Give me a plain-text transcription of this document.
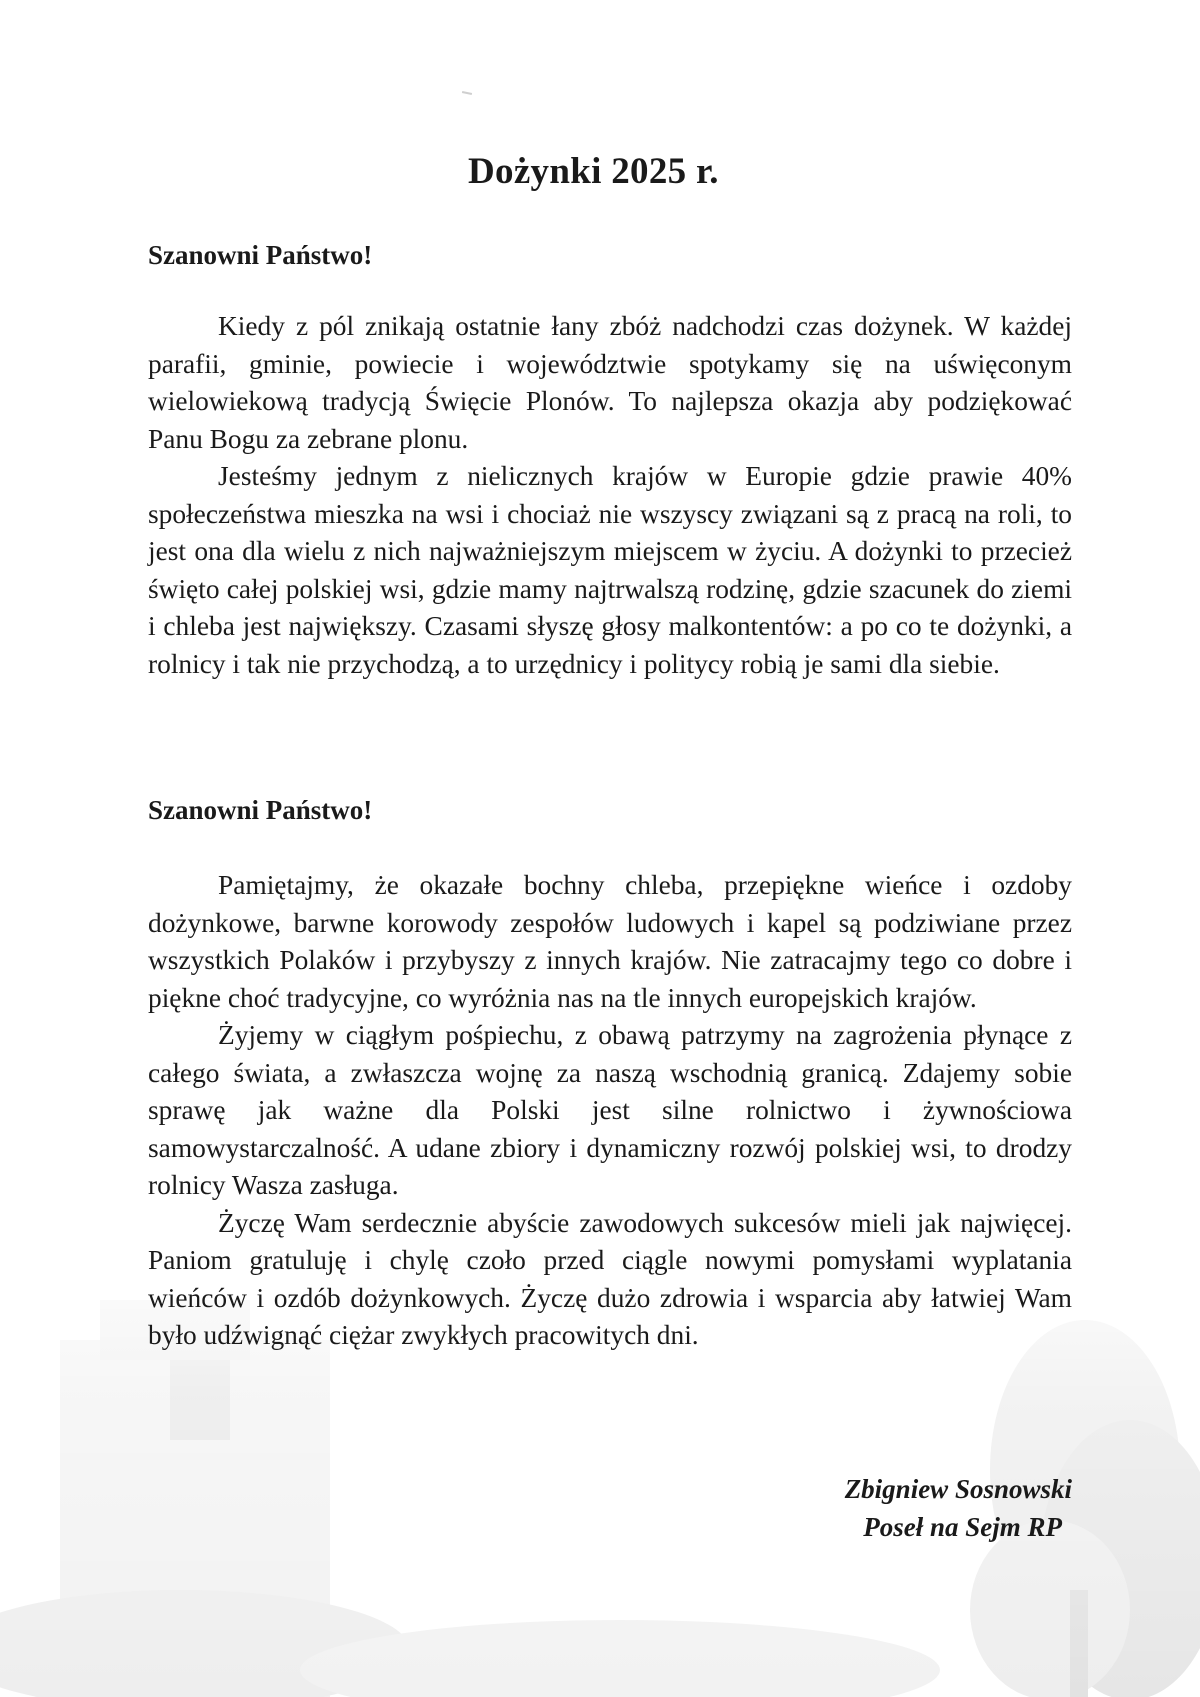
Dożynki 2025 r.

Szanowni Państwo!

Kiedy z pól znikają ostatnie łany zbóż nadchodzi czas dożynek. W każdej parafii, gminie, powiecie i województwie spotykamy się na uświęconym wielowiekową tradycją Święcie Plonów. To najlepsza okazja aby podziękować Panu Bogu za zebrane plonu.

Jesteśmy jednym z nielicznych krajów w Europie gdzie prawie 40% społeczeństwa mieszka na wsi i chociaż nie wszyscy związani są z pracą na roli, to jest ona dla wielu z nich najważniejszym miejscem w życiu. A dożynki to przecież święto całej polskiej wsi, gdzie mamy najtrwalszą rodzinę, gdzie szacunek do ziemi i chleba jest największy. Czasami słyszę głosy malkontentów: a po co te dożynki, a rolnicy i tak nie przychodzą, a to urzędnicy i politycy robią je sami dla siebie.

Szanowni Państwo!

Pamiętajmy, że okazałe bochny chleba, przepiękne wieńce i ozdoby dożynkowe, barwne korowody zespołów ludowych i kapel są podziwiane przez wszystkich Polaków i przybyszy z innych krajów. Nie zatracajmy tego co dobre i piękne choć tradycyjne, co wyróżnia nas na tle innych europejskich krajów.

Żyjemy w ciągłym pośpiechu, z obawą patrzymy na zagrożenia płynące z całego świata, a zwłaszcza wojnę za naszą wschodnią granicą. Zdajemy sobie sprawę jak ważne dla Polski jest silne rolnictwo i żywnościowa samowystarczalność. A udane zbiory i dynamiczny rozwój polskiej wsi, to drodzy rolnicy Wasza zasługa.

Życzę Wam serdecznie abyście zawodowych sukcesów mieli jak najwięcej. Paniom gratuluję i chylę czoło przed ciągle nowymi pomysłami wyplatania wieńców i ozdób dożynkowych. Życzę dużo zdrowia i wsparcia aby łatwiej Wam było udźwignąć ciężar zwykłych pracowitych dni.

Zbigniew Sosnowski
Poseł na Sejm RP
